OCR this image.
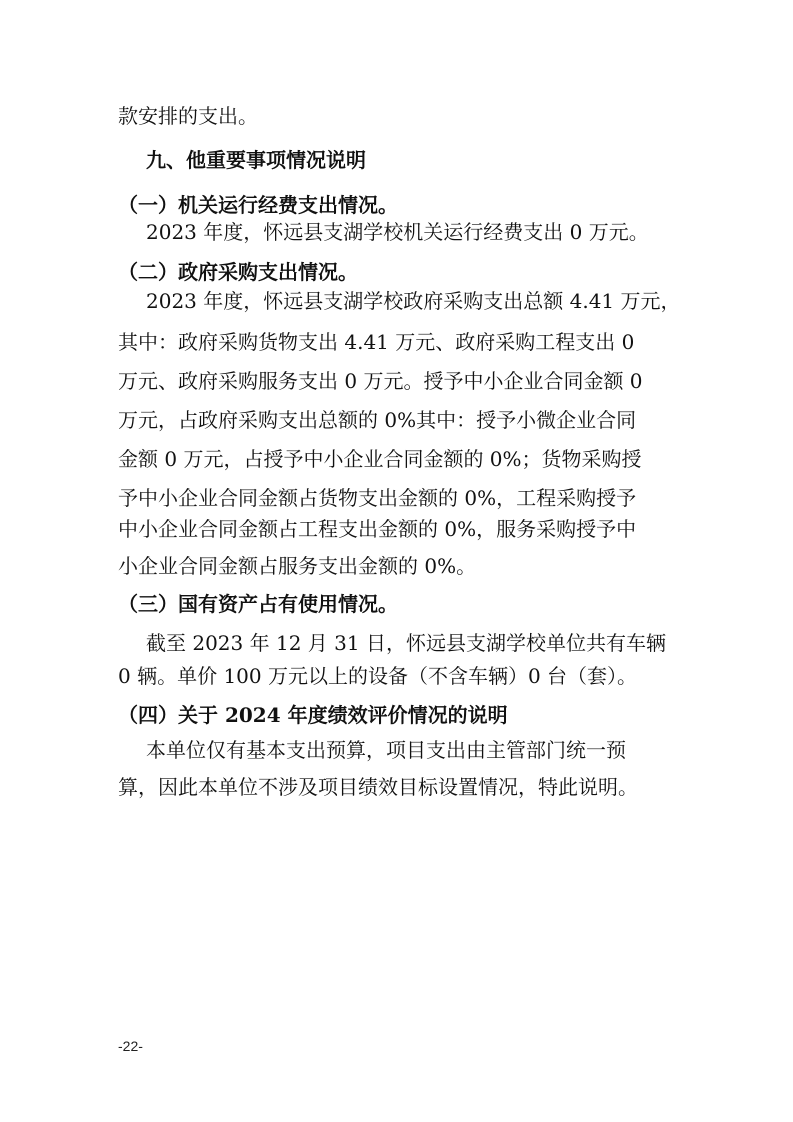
款安排的支出。
九、他重要事项情况说明
（一）机关运行经费支出情况。
2023 年度，怀远县支湖学校机关运行经费支出 0 万元。
（二）政府采购支出情况。
2023 年度，怀远县支湖学校政府采购支出总额 4.41 万元，
其中：政府采购货物支出 4.41 万元、政府采购工程支出 0
万元、政府采购服务支出 0 万元。授予中小企业合同金额 0
万元，占政府采购支出总额的 0%其中：授予小微企业合同
金额 0 万元，占授予中小企业合同金额的 0%；货物采购授
予中小企业合同金额占货物支出金额的 0%，工程采购授予
中小企业合同金额占工程支出金额的 0%，服务采购授予中
小企业合同金额占服务支出金额的 0%。
（三）国有资产占有使用情况。
截至 2023 年 12 月 31 日，怀远县支湖学校单位共有车辆
0 辆。单价 100 万元以上的设备（不含车辆）0 台（套）。
（四）关于 2024 年度绩效评价情况的说明
本单位仅有基本支出预算，项目支出由主管部门统一预
算，因此本单位不涉及项目绩效目标设置情况，特此说明。
-22-
